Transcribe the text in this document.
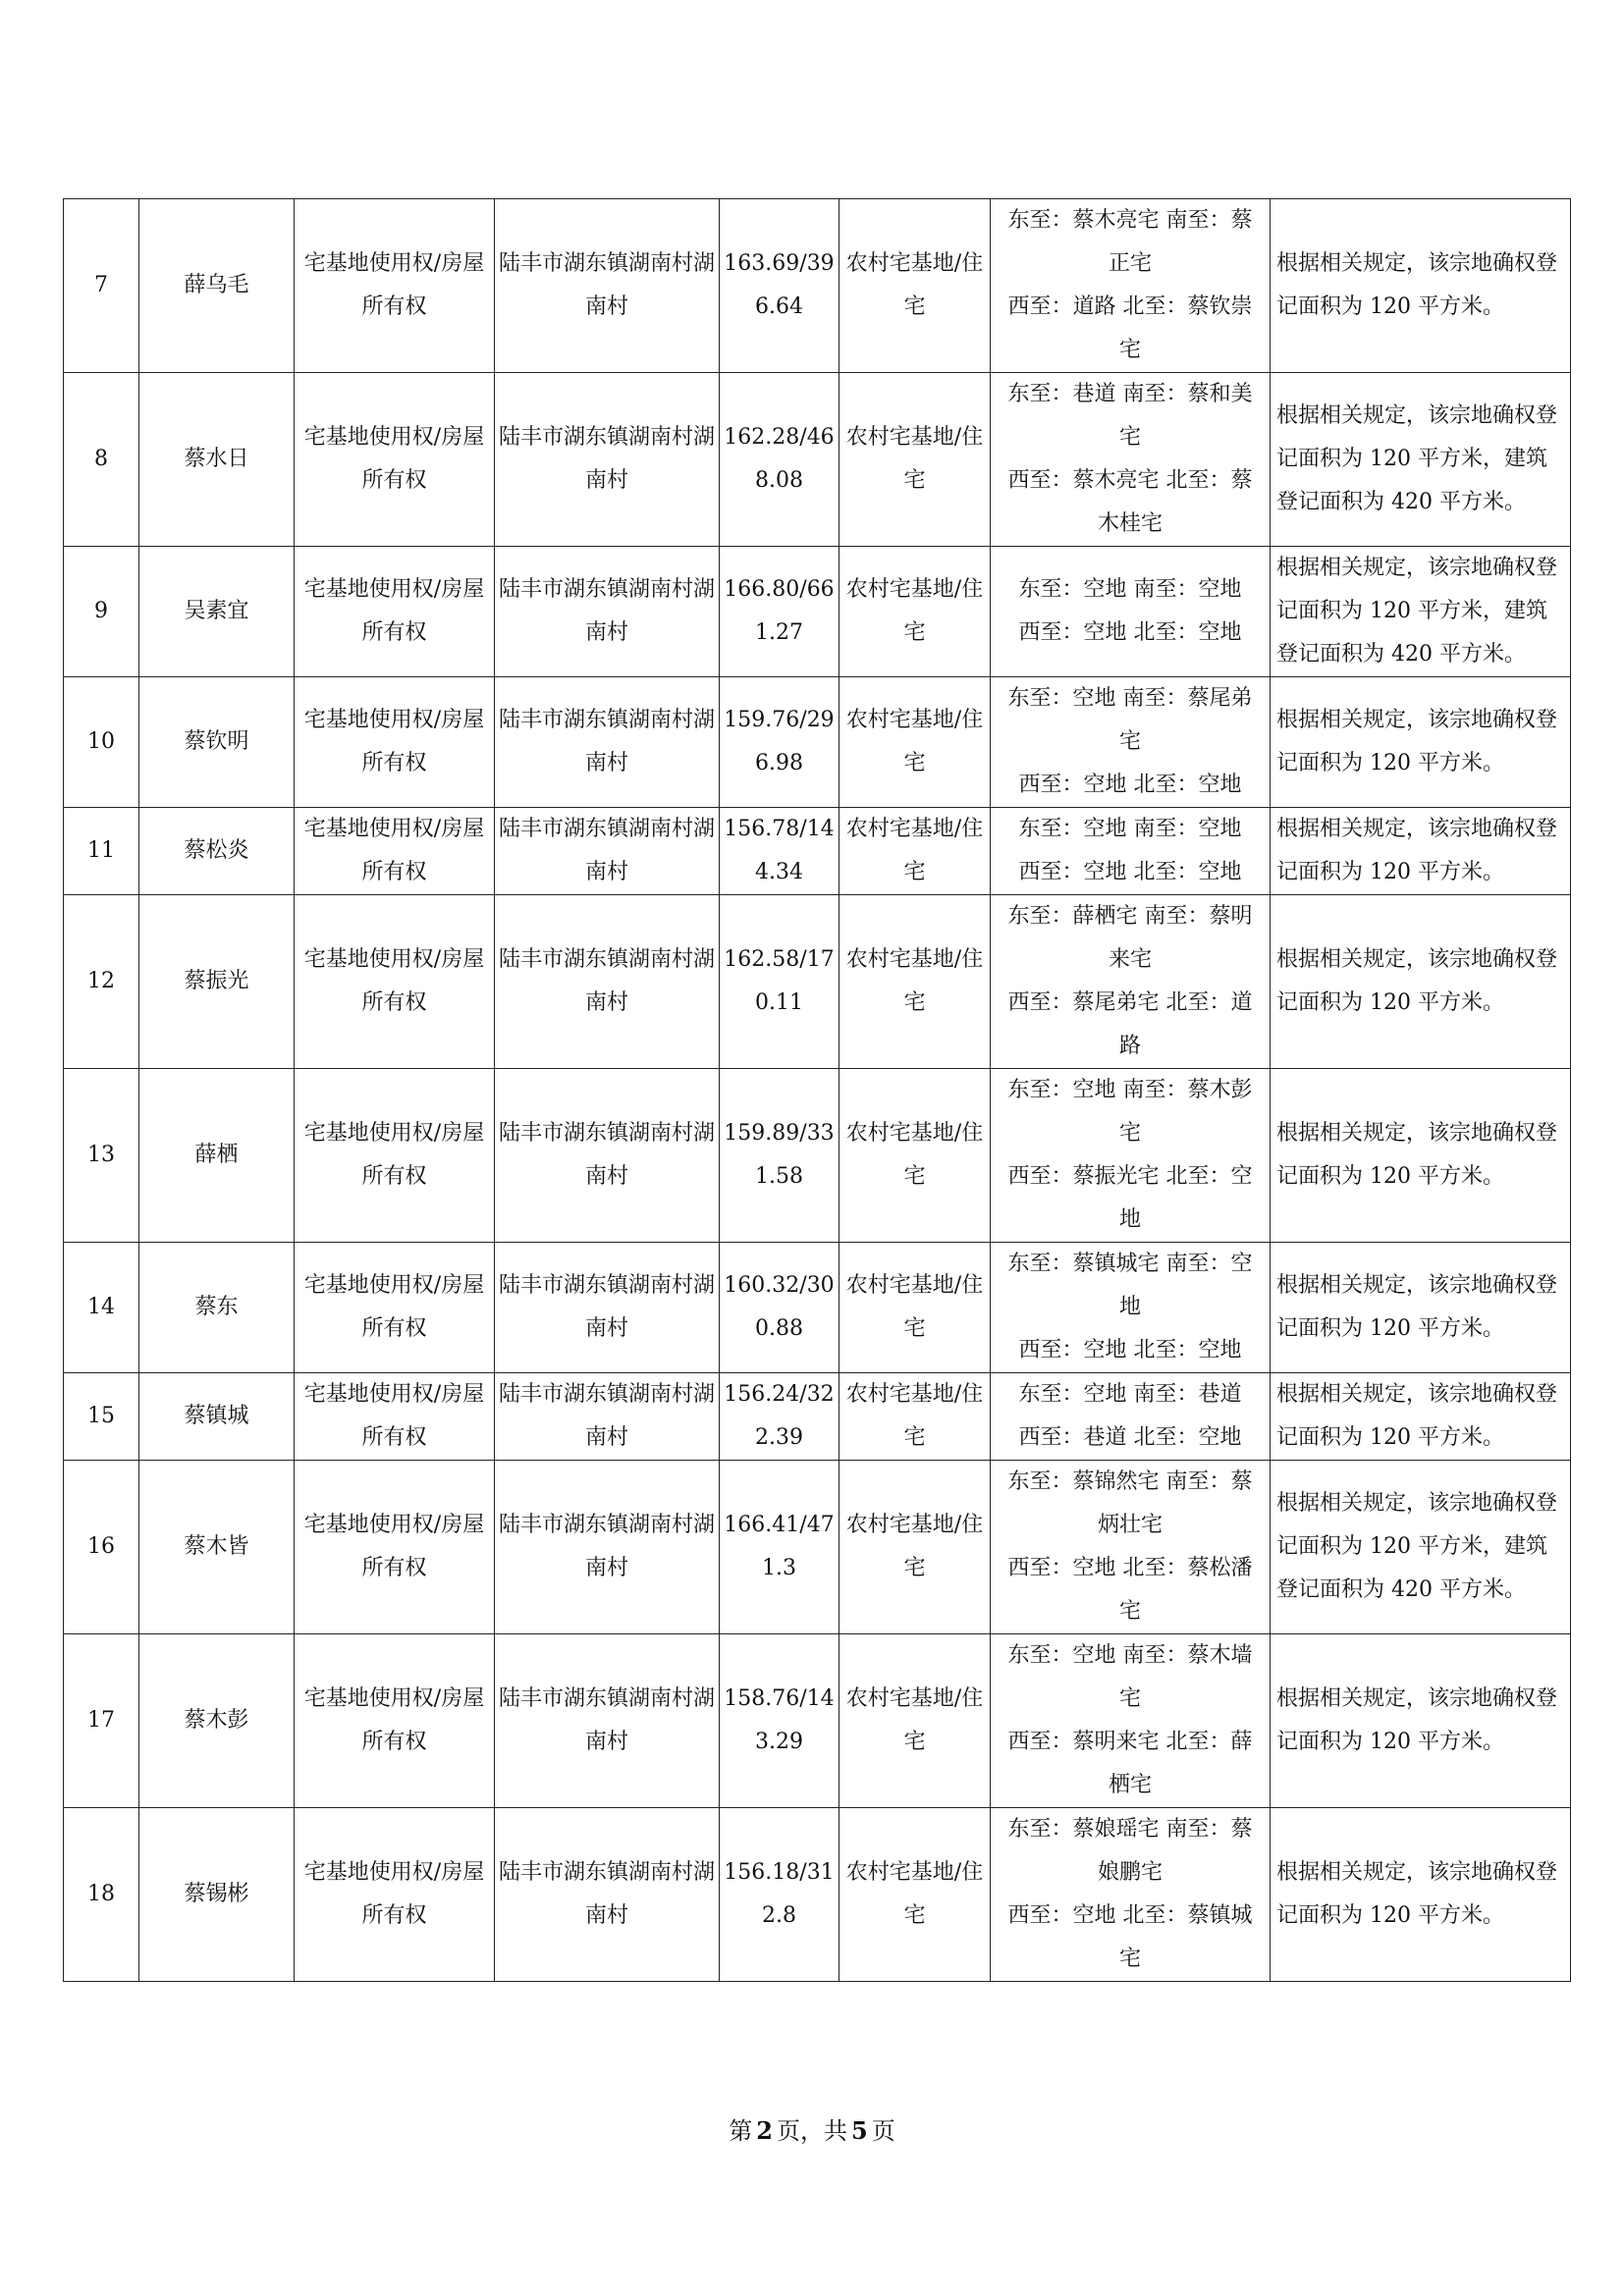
7	薛乌毛	宅基地使用权/房屋所有权	陆丰市湖东镇湖南村湖南村	163.69/396.64	农村宅基地/住宅	东至：蔡木亮宅 南至：蔡
正宅
西至：道路 北至：蔡钦崇
宅	根据相关规定，该宗地确权登记面积为 120 平方米。
8	蔡水日	宅基地使用权/房屋所有权	陆丰市湖东镇湖南村湖南村	162.28/468.08	农村宅基地/住宅	东至：巷道 南至：蔡和美
宅
西至：蔡木亮宅 北至：蔡
木桂宅	根据相关规定，该宗地确权登记面积为 120 平方米，建筑登记面积为 420 平方米。
9	吴素宜	宅基地使用权/房屋所有权	陆丰市湖东镇湖南村湖南村	166.80/661.27	农村宅基地/住宅	东至：空地 南至：空地
西至：空地 北至：空地	根据相关规定，该宗地确权登记面积为 120 平方米，建筑登记面积为 420 平方米。
10	蔡钦明	宅基地使用权/房屋所有权	陆丰市湖东镇湖南村湖南村	159.76/296.98	农村宅基地/住宅	东至：空地 南至：蔡尾弟
宅
西至：空地 北至：空地	根据相关规定，该宗地确权登记面积为 120 平方米。
11	蔡松炎	宅基地使用权/房屋所有权	陆丰市湖东镇湖南村湖南村	156.78/144.34	农村宅基地/住宅	东至：空地 南至：空地
西至：空地 北至：空地	根据相关规定，该宗地确权登记面积为 120 平方米。
12	蔡振光	宅基地使用权/房屋所有权	陆丰市湖东镇湖南村湖南村	162.58/170.11	农村宅基地/住宅	东至：薛栖宅 南至：蔡明
来宅
西至：蔡尾弟宅 北至：道
路	根据相关规定，该宗地确权登记面积为 120 平方米。
13	薛栖	宅基地使用权/房屋所有权	陆丰市湖东镇湖南村湖南村	159.89/331.58	农村宅基地/住宅	东至：空地 南至：蔡木彭
宅
西至：蔡振光宅 北至：空
地	根据相关规定，该宗地确权登记面积为 120 平方米。
14	蔡东	宅基地使用权/房屋所有权	陆丰市湖东镇湖南村湖南村	160.32/300.88	农村宅基地/住宅	东至：蔡镇城宅 南至：空
地
西至：空地 北至：空地	根据相关规定，该宗地确权登记面积为 120 平方米。
15	蔡镇城	宅基地使用权/房屋所有权	陆丰市湖东镇湖南村湖南村	156.24/322.39	农村宅基地/住宅	东至：空地 南至：巷道
西至：巷道 北至：空地	根据相关规定，该宗地确权登记面积为 120 平方米。
16	蔡木皆	宅基地使用权/房屋所有权	陆丰市湖东镇湖南村湖南村	166.41/471.3	农村宅基地/住宅	东至：蔡锦然宅 南至：蔡
炳壮宅
西至：空地 北至：蔡松潘
宅	根据相关规定，该宗地确权登记面积为 120 平方米，建筑登记面积为 420 平方米。
17	蔡木彭	宅基地使用权/房屋所有权	陆丰市湖东镇湖南村湖南村	158.76/143.29	农村宅基地/住宅	东至：空地 南至：蔡木墙
宅
西至：蔡明来宅 北至：薛
栖宅	根据相关规定，该宗地确权登记面积为 120 平方米。
18	蔡锡彬	宅基地使用权/房屋所有权	陆丰市湖东镇湖南村湖南村	156.18/312.8	农村宅基地/住宅	东至：蔡娘瑶宅 南至：蔡
娘鹏宅
西至：空地 北至：蔡镇城
宅	根据相关规定，该宗地确权登记面积为 120 平方米。
第 2 页，共 5 页
